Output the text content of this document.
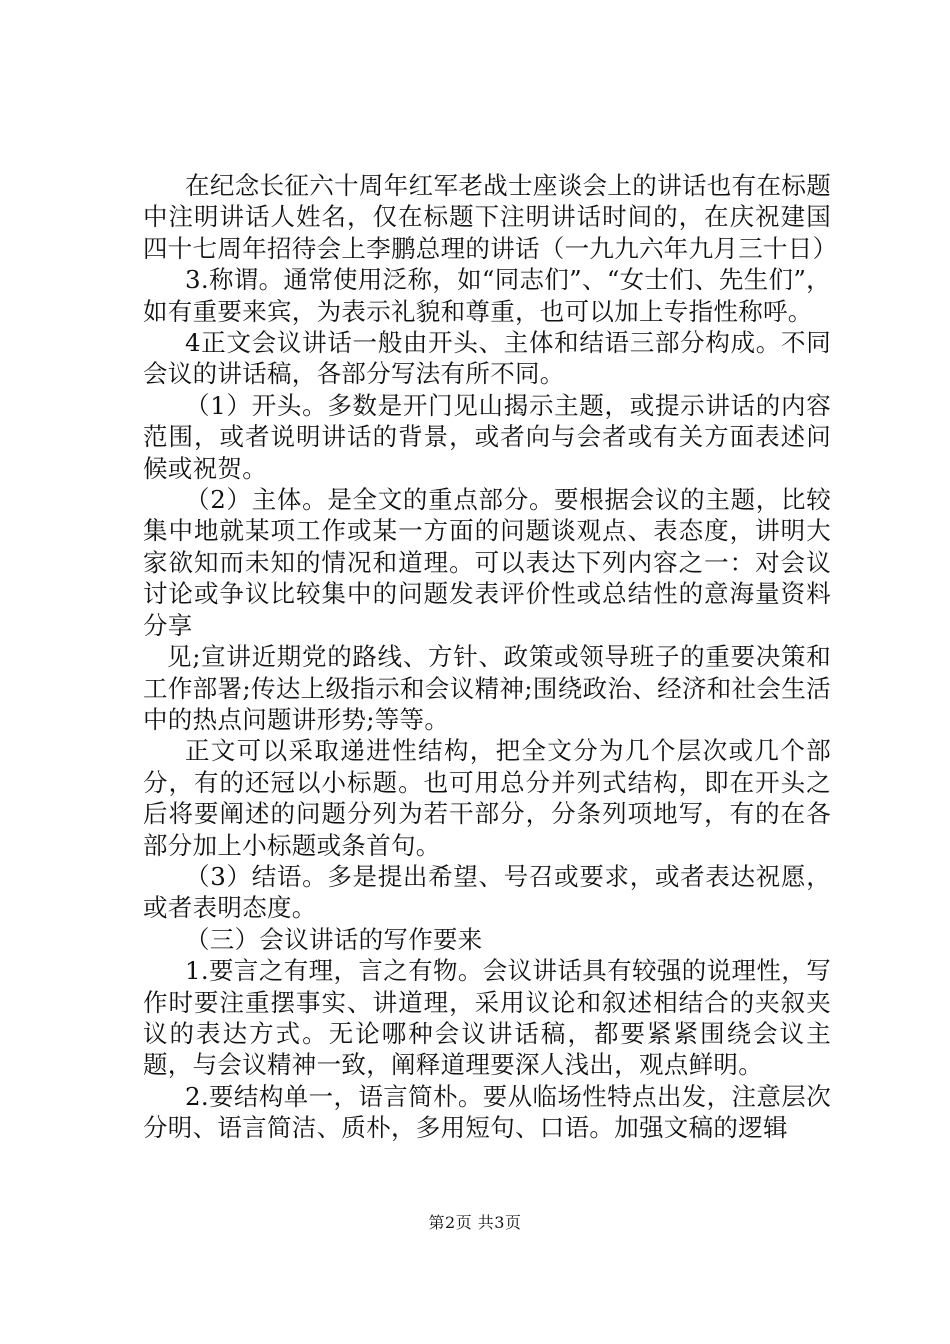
在纪念长征六十周年红军老战士座谈会上的讲话也有在标题中注明讲话人姓名，仅在标题下注明讲话时间的，在庆祝建国四十七周年招待会上李鹏总理的讲话（一九九六年九月三十日）

3.称谓。通常使用泛称，如“同志们”、“女士们、先生们”，如有重要来宾，为表示礼貌和尊重，也可以加上专指性称呼。

4正文会议讲话一般由开头、主体和结语三部分构成。不同会议的讲话稿，各部分写法有所不同。

（1）开头。多数是开门见山揭示主题，或提示讲话的内容范围，或者说明讲话的背景，或者向与会者或有关方面表述问候或祝贺。

（2）主体。是全文的重点部分。要根据会议的主题，比较集中地就某项工作或某一方面的问题谈观点、表态度，讲明大家欲知而未知的情况和道理。可以表达下列内容之一：对会议讨论或争议比较集中的问题发表评价性或总结性的意海量资料分享

见;宣讲近期党的路线、方针、政策或领导班子的重要决策和工作部署;传达上级指示和会议精神;围绕政治、经济和社会生活中的热点问题讲形势;等等。

正文可以采取递进性结构，把全文分为几个层次或几个部分，有的还冠以小标题。也可用总分并列式结构，即在开头之后将要阐述的问题分列为若干部分，分条列项地写，有的在各部分加上小标题或条首句。

（3）结语。多是提出希望、号召或要求，或者表达祝愿，或者表明态度。

（三）会议讲话的写作要来

1.要言之有理，言之有物。会议讲话具有较强的说理性，写作时要注重摆事实、讲道理，采用议论和叙述相结合的夹叙夹议的表达方式。无论哪种会议讲话稿，都要紧紧围绕会议主题，与会议精神一致，阐释道理要深人浅出，观点鲜明。

2.要结构单一，语言简朴。要从临场性特点出发，注意层次分明、语言简洁、质朴，多用短句、口语。加强文稿的逻辑

第2页 共3页
